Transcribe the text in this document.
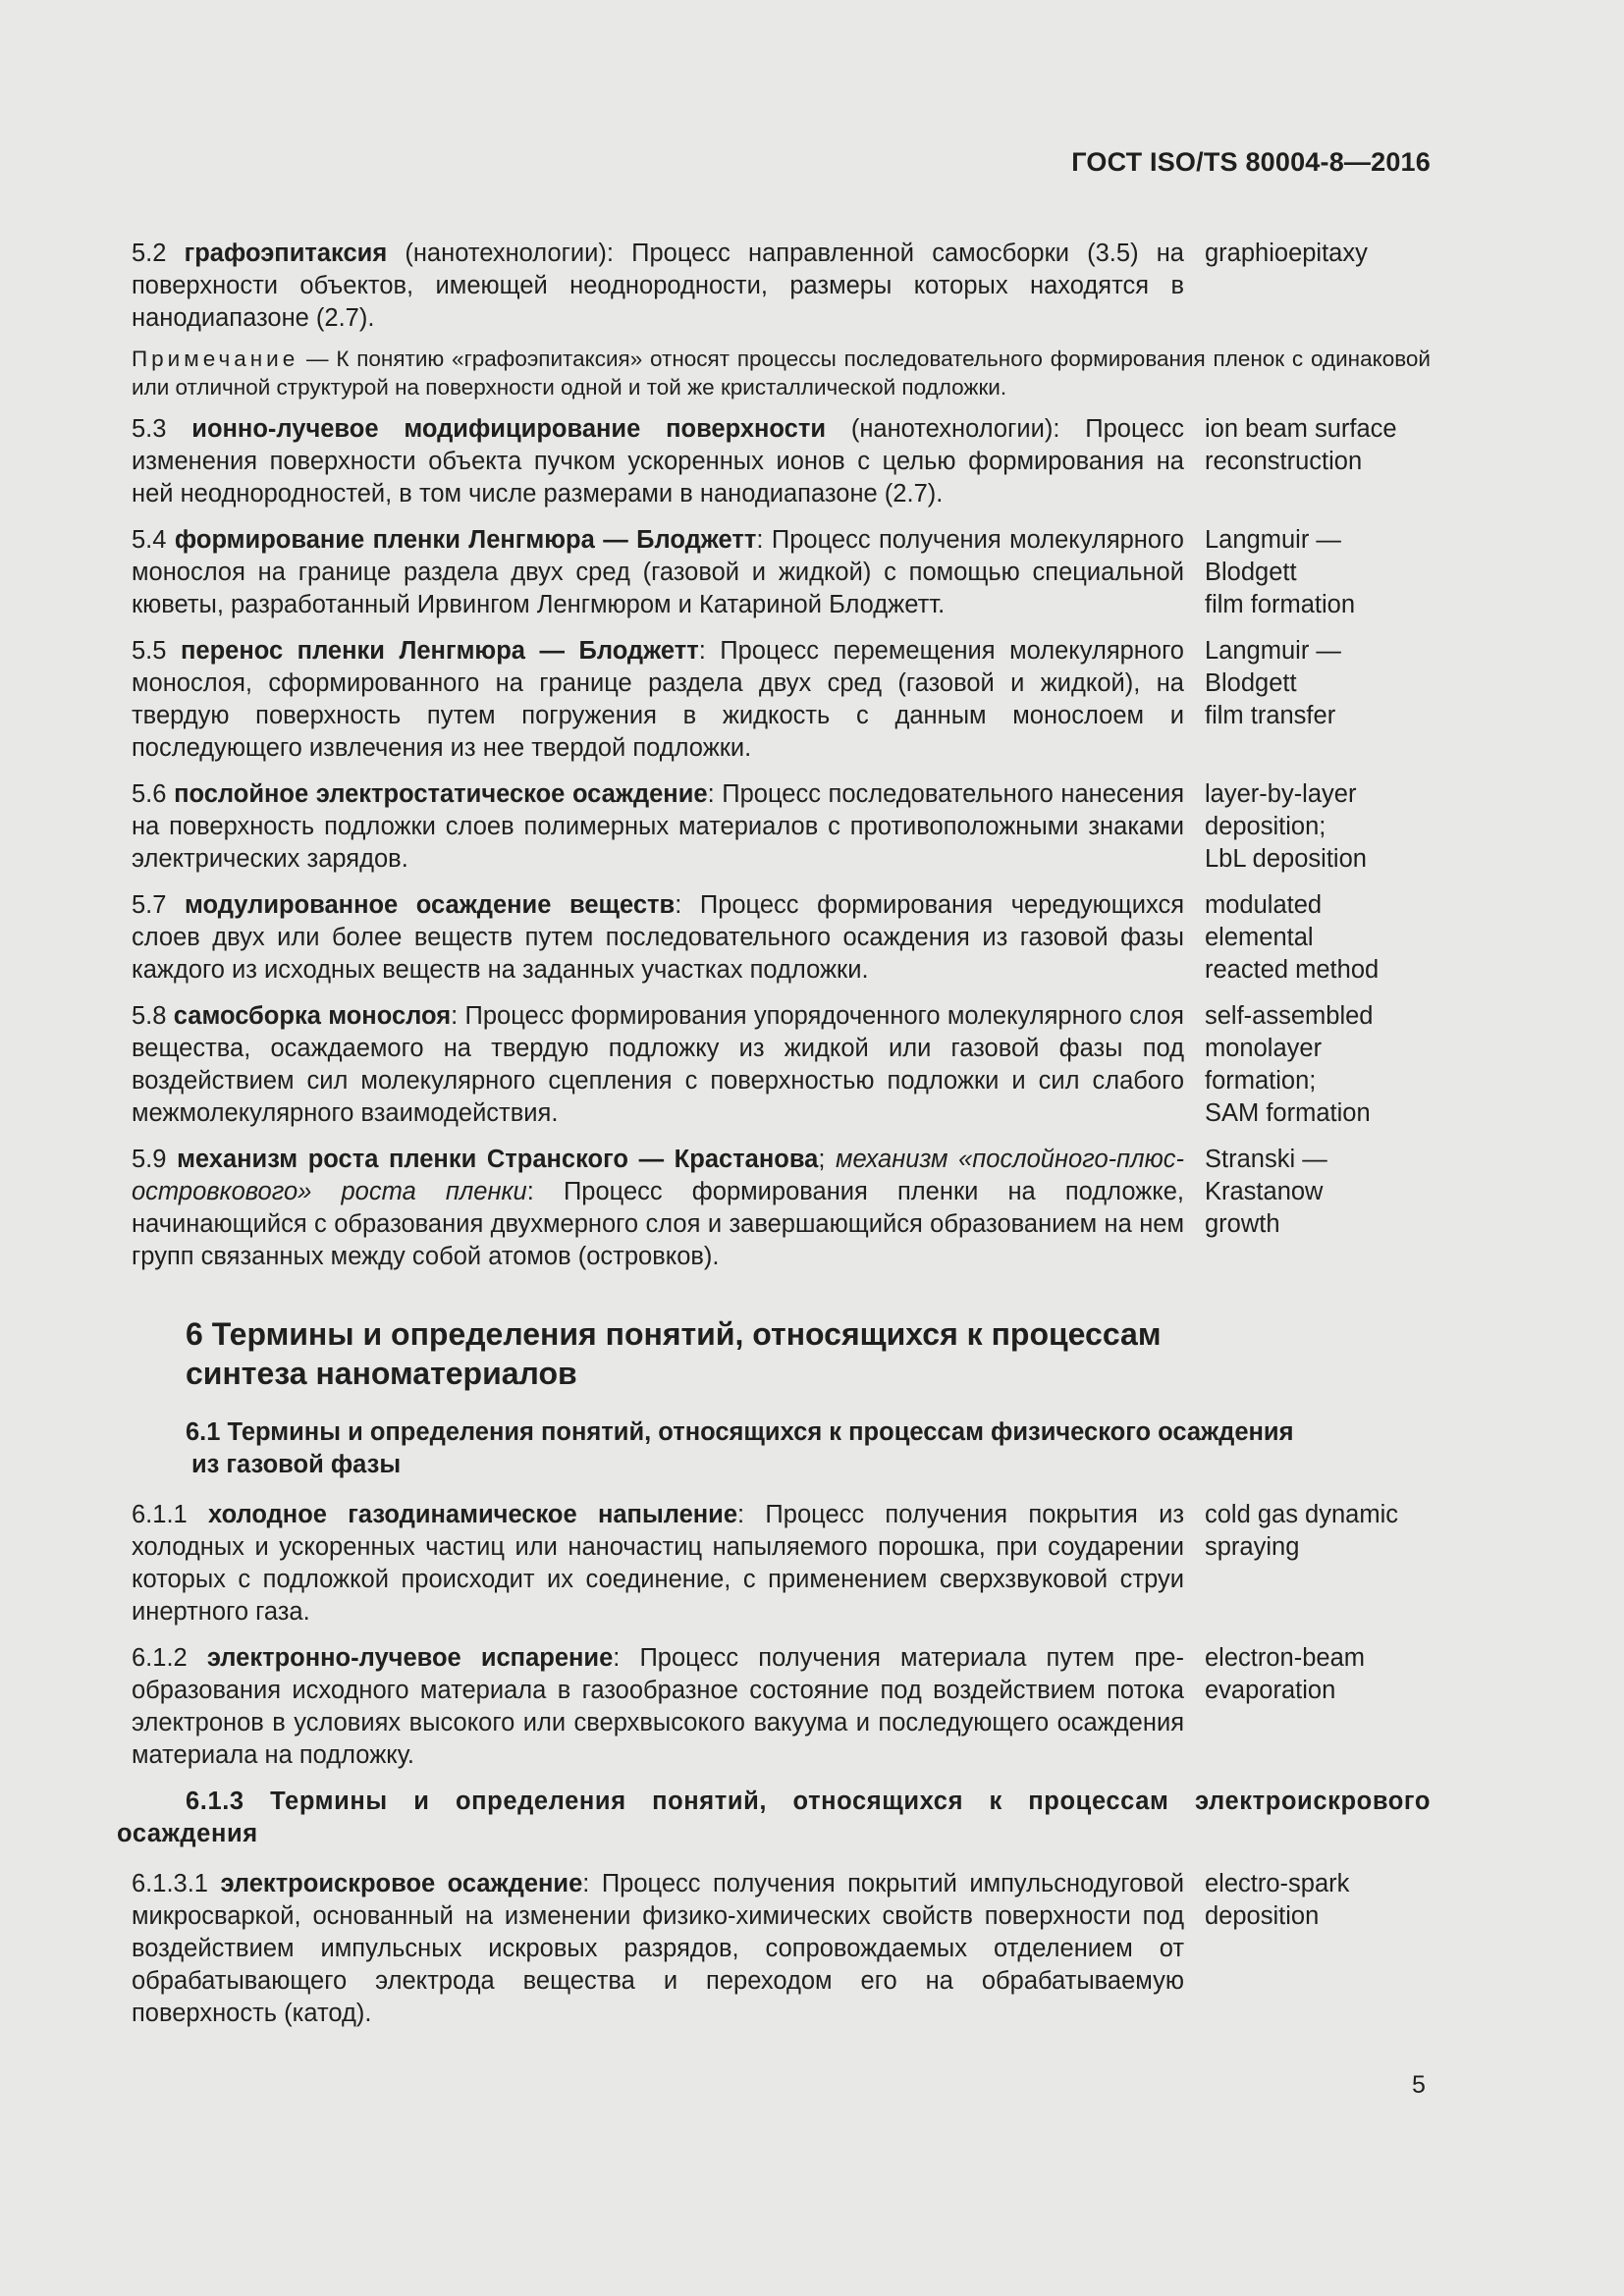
ГОСТ ISO/TS 80004-8—2016
5.2 графоэпитаксия (нанотехнологии): Процесс направленной самосборки (3.5) на поверхности объектов, имеющей неоднородности, размеры которых находятся в нанодиапазоне (2.7).
graphioepitaxy
Примечание — К понятию «графоэпитаксия» относят процессы последовательного формирования пленок с одинаковой или отличной структурой на поверхности одной и той же кристаллической подложки.
5.3 ионно-лучевое модифицирование поверхности (нанотехнологии): Процесс изменения поверхности объекта пучком ускоренных ионов с целью формирования на ней неоднородностей, в том числе размерами в нанодиапазоне (2.7).
ion beam surface
reconstruction
5.4 формирование пленки Ленгмюра — Блоджетт: Процесс получения молекулярного монослоя на границе раздела двух сред (газовой и жидкой) с помощью специальной кюветы, разработанный Ирвингом Ленгмюром и Катариной Блоджетт.
Langmuir —
Blodgett
film formation
5.5 перенос пленки Ленгмюра — Блоджетт: Процесс перемещения молекулярного монослоя, сформированного на границе раздела двух сред (газовой и жидкой), на твердую поверхность путем погружения в жидкость с данным монослоем и последующего извлечения из нее твердой подложки.
Langmuir —
Blodgett
film transfer
5.6 послойное электростатическое осаждение: Процесс последовательного нанесения на поверхность подложки слоев полимерных материалов с противоположными знаками электрических зарядов.
layer-by-layer
deposition;
LbL deposition
5.7 модулированное осаждение веществ: Процесс формирования чередующихся слоев двух или более веществ путем последовательного осаждения из газовой фазы каждого из исходных веществ на заданных участках подложки.
modulated
elemental
reacted method
5.8 самосборка монослоя: Процесс формирования упорядоченного молекулярного слоя вещества, осаждаемого на твердую подложку из жидкой или газовой фазы под воздействием сил молекулярного сцепления с поверхностью подложки и сил слабого межмолекулярного взаимодействия.
self-assembled
monolayer
formation;
SAM formation
5.9 механизм роста пленки Странского — Крастанова; механизм «послойного-плюс-островкового» роста пленки: Процесс формирования пленки на подложке, начинающийся с образования двухмерного слоя и завершающийся образованием на нем групп связанных между собой атомов (островков).
Stranski —
Krastanow
growth
6 Термины и определения понятий, относящихся к процессам
синтеза наноматериалов
6.1 Термины и определения понятий, относящихся к процессам физического осаждения
из газовой фазы
6.1.1 холодное газодинамическое напыление: Процесс получения покрытия из холодных и ускоренных частиц или наночастиц напыляемого порошка, при соударении которых с подложкой происходит их соединение, с применением сверхзвуковой струи инертного газа.
cold gas dynamic
spraying
6.1.2 электронно-лучевое испарение: Процесс получения материала путем преобразования исходного материала в газообразное состояние под воздействием потока электронов в условиях высокого или сверхвысокого вакуума и последующего осаждения материала на подложку.
electron-beam
evaporation
6.1.3 Термины и определения понятий, относящихся к процессам электроискрового осаждения
6.1.3.1 электроискровое осаждение: Процесс получения покрытий импульснодуговой микросваркой, основанный на изменении физико-химических свойств поверхности под воздействием импульсных искровых разрядов, сопровождаемых отделением от обрабатывающего электрода вещества и переходом его на обрабатываемую поверхность (катод).
electro-spark
deposition
5
